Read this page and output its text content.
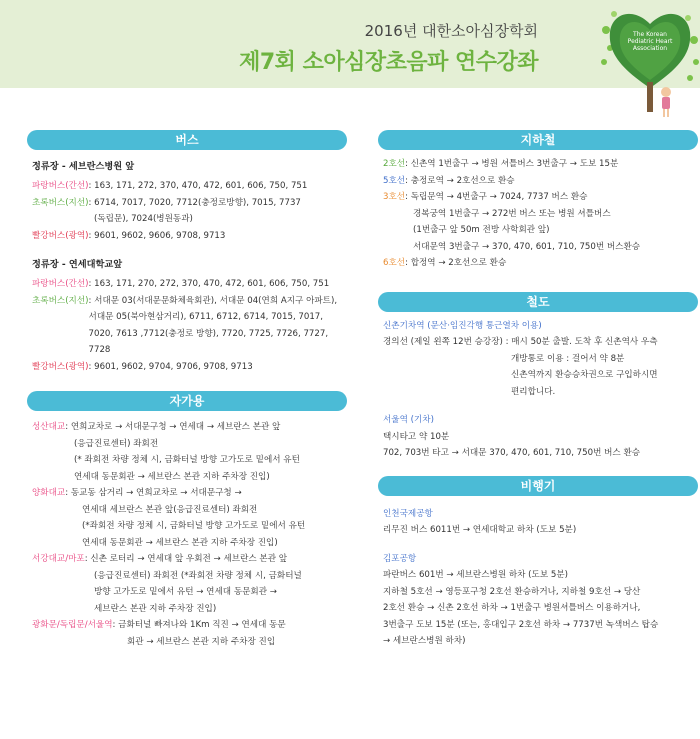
2016년 대한소아심장학회
제7회 소아심장초음파 연수강좌
The Korean
Pediatric Heart
Association
버스
정류장 - 세브란스병원 앞
파랑버스(간선) : 163, 171, 272, 370, 470, 472, 601, 606, 750, 751
초록버스(지선) : 6714, 7017, 7020, 7712(충정로방향), 7015, 7737
(독립문), 7024(병원동과)
빨강버스(광역) : 9601, 9602, 9606, 9708, 9713
정류장 - 연세대학교앞
파랑버스(간선) : 163, 171, 270, 272, 370, 470, 472, 601, 606, 750, 751
초록버스(지선) : 서대문 03(서대문문화체육회관), 서대문 04(연희 A지구 아파트), 서대문 05(북아현삼거리), 6711, 6712, 6714, 7015, 7017, 7020, 7613 ,7712(충정로 방향), 7720, 7725, 7726, 7727, 7728
빨강버스(광역) : 9601, 9602, 9704, 9706, 9708, 9713
자가용
성산대교 : 연희교차로 → 서대문구청 → 연세대 → 세브란스 본관 앞
(응급진료센터) 좌회전
(* 좌회전 차량 정체 시, 금화터널 방향 고가도로 밑에서 유턴
연세대 동문회관 → 세브란스 본관 지하 주차장 진입)
양화대교 : 동교동 삼거리 → 연희교차로 → 서대문구청 →
연세대 세브란스 본관 앞(응급진료센터) 좌회전
(*좌회전 차량 정체 시, 금화터널 방향 고가도로 밑에서 유턴
연세대 동문회관 → 세브란스 본관 지하 주차장 진입)
서강대교/마포 : 신촌 로터리 → 연세대 앞 우회전 → 세브란스 본관 앞
(응급진료센터) 좌회전 (*좌회전 차량 정체 시, 금화터널
방향 고가도로 밑에서 유턴 → 연세대 동문회관 →
세브란스 본관 지하 주차장 진입)
광화문/독립문/서울역 : 금화터널 빠져나와 1Km 직진 → 연세대 동문
회관 → 세브란스 본관 지하 주차장 진입
지하철
2호선 : 신촌역 1번출구 → 병원 셔틀버스 3번출구 → 도보 15분
5호선 : 충정로역 → 2호선으로 환승
3호선 : 독립문역 → 4번출구 → 7024, 7737 버스 환승
경복궁역 1번출구 → 272번 버스 또는 병원 셔틀버스
(1번출구 앞 50m 전방 사학회관 앞)
서대문역 3번출구 → 370, 470, 601, 710, 750번 버스환승
6호선 : 합정역 → 2호선으로 환승
철도
신촌기차역 (문산·임진각행 통근열차 이용)
경의선 (제일 왼쪽 12번 승강장) : 매시 50분 출발. 도착 후 신촌역사 우측
개방통로 이용 : 걸어서 약 8분
신촌역까지 환승승차권으로 구입하시면
편리합니다.
서울역 (기차)
택시타고 약 10분
702, 703번 타고 → 서대문 370, 470, 601, 710, 750번 버스 환승
비행기
인천국제공항
리무진 버스 6011번 → 연세대학교 하차 (도보 5분)
김포공항
파란버스 601번 → 세브란스병원 하차 (도보 5분)
지하철 5호선 → 영등포구청 2호선 환승하거나, 지하철 9호선 → 당산
2호선 환승 → 신촌 2호선 하차 → 1번출구 병원셔틀버스 이용하거나,
3번출구 도보 15분 (또는, 홍대입구 2호선 하차 → 7737번 녹색버스 탑승
→ 세브란스병원 하차)
